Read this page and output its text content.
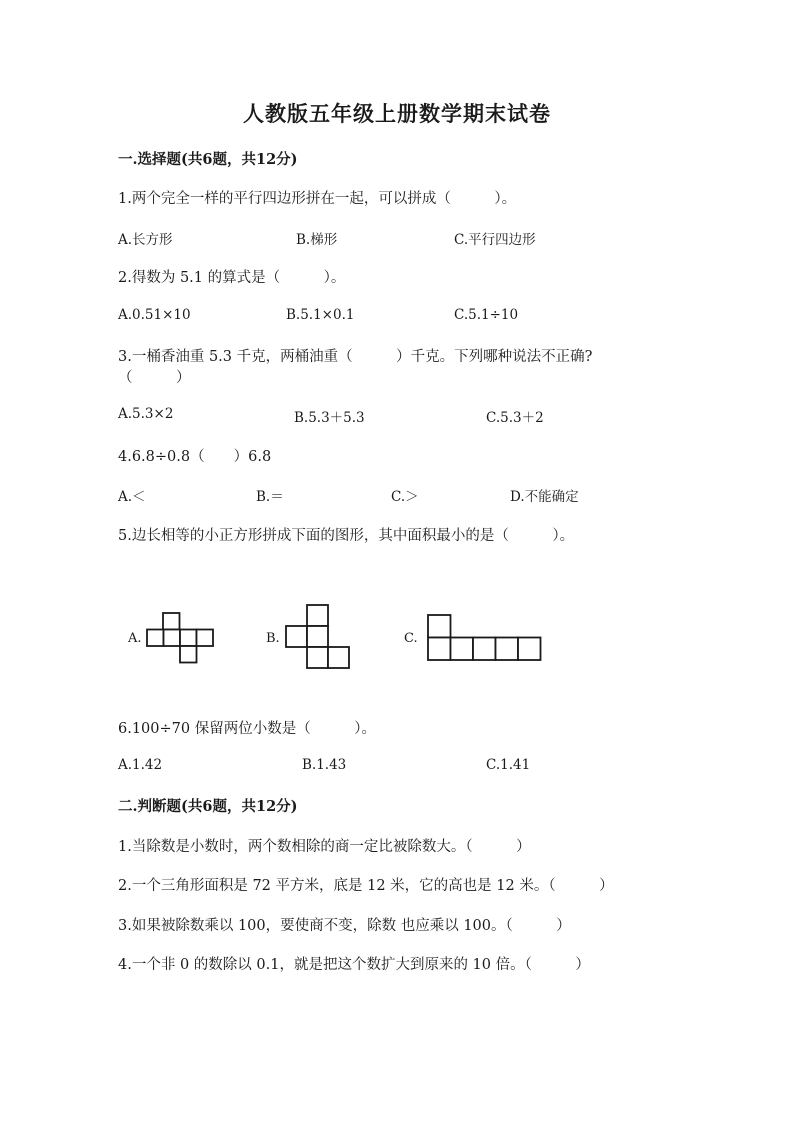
人教版五年级上册数学期末试卷
一.选择题(共6题，共12分)
1.两个完全一样的平行四边形拼在一起，可以拼成（　　　）。
A.长方形	B.梯形	C.平行四边形
2.得数为 5.1 的算式是（　　　）。
A.0.51×10	B.5.1×0.1	C.5.1÷10
3.一桶香油重 5.3 千克，两桶油重（　　　）千克。下列哪种说法不正确?
（　　　）
A.5.3×2	B.5.3＋5.3	C.5.3＋2
4.6.8÷0.8（　　）6.8
A.＜	B.＝	C.＞	D.不能确定
5.边长相等的小正方形拼成下面的图形，其中面积最小的是（　　　）。
A.	B.	C.
6.100÷70 保留两位小数是（　　　）。
A.1.42	B.1.43	C.1.41
二.判断题(共6题，共12分)
1.当除数是小数时，两个数相除的商一定比被除数大。（　　　）
2.一个三角形面积是 72 平方米，底是 12 米，它的高也是 12 米。（　　　）
3.如果被除数乘以 100，要使商不变，除数 也应乘以 100。（　　　）
4.一个非 0 的数除以 0.1，就是把这个数扩大到原来的 10 倍。（　　　）
